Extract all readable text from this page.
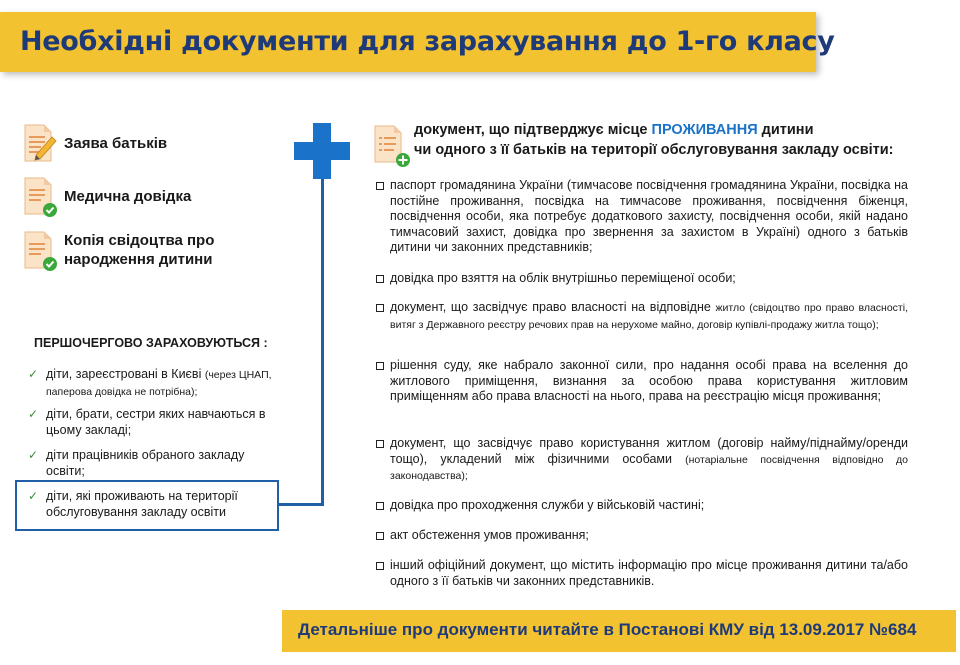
Необхідні документи для зарахування до 1-го класу
Заява батьків
Медична довідка
Копія свідоцтва про
народження дитини
ПЕРШОЧЕРГОВО ЗАРАХОВУЮТЬСЯ :
✓ діти, зареєстровані в Києві (через ЦНАП, паперова довідка не потрібна);
✓ діти, брати, сестри яких навчаються в цьому закладі;
✓ діти працівників обраного закладу освіти;
✓ діти, які проживають на території обслуговування закладу освіти
документ, що підтверджує місце ПРОЖИВАННЯ дитини
чи одного з її батьків на території обслуговування закладу освіти:
паспорт громадянина України (тимчасове посвідчення громадянина України, посвідка на постійне проживання, посвідка на тимчасове проживання, посвідчення біженця, посвідчення особи, яка потребує додаткового захисту, посвідчення особи, якій надано тимчасовий захист, довідка про звернення за захистом в Україні) одного з батьків дитини чи законних представників;
довідка про взяття на облік внутрішньо переміщеної особи;
документ, що засвідчує право власності на відповідне житло (свідоцтво про право власності, витяг з Державного реєстру речових прав на нерухоме майно, договір купівлі-продажу житла тощо);
рішення суду, яке набрало законної сили, про надання особі права на вселення до житлового приміщення, визнання за особою права користування житловим приміщенням або права власності на нього, права на реєстрацію місця проживання;
документ, що засвідчує право користування житлом (договір найму/піднайму/оренди тощо), укладений між фізичними особами (нотаріальне посвідчення відповідно до законодавства);
довідка про проходження служби у військовій частині;
акт обстеження умов проживання;
інший офіційний документ, що містить інформацію про місце проживання дитини та/або одного з її батьків чи законних представників.
Детальніше про документи читайте в Постанові КМУ від 13.09.2017 №684
